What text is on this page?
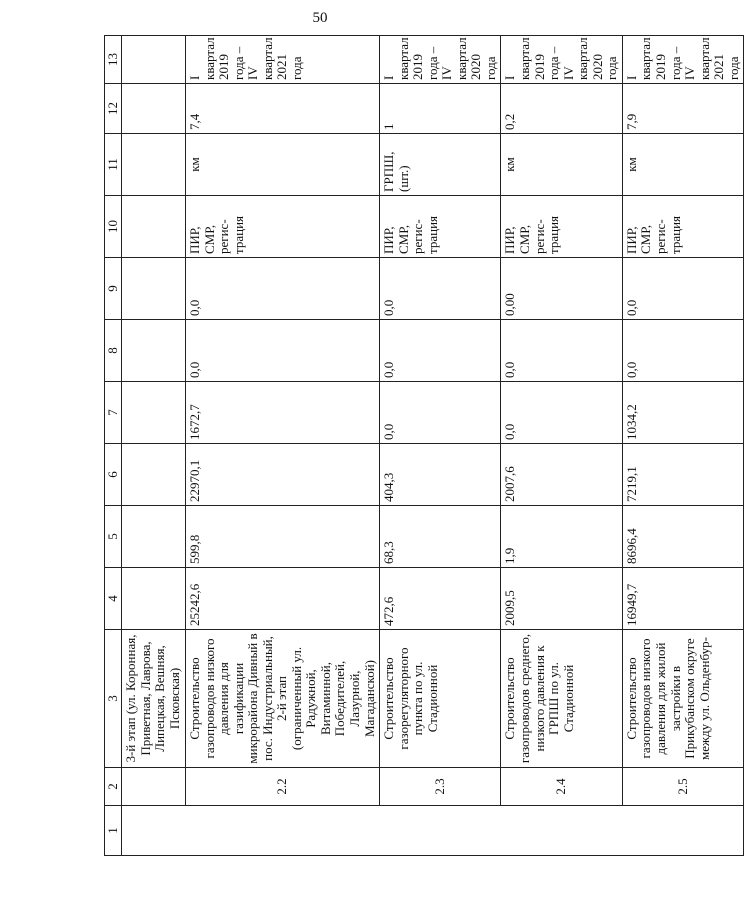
50
1	2	3	4	5	6	7	8	9	10	11	12	13
		3-й этап (ул. Коронная, Приветная, Лаврова, Липецкая, Вешняя, Псковская)										
	2.2	Строительство газопроводов низкого давления для газификации микрорайона Дивный в пос. Индустриальный, 2-й этап (ограниченный ул. Радужной, Витаминной, Победителей, Лазурной, Магаданской)	25242,6	599,8	22970,1	1672,7	0,0	0,0	ПИР, СМР, регис-трация	км	7,4	I квартал 2019 года – IV квартал 2021 года
	2.3	Строительство газорегуляторного пункта по ул. Стадионной	472,6	68,3	404,3	0,0	0,0	0,0	ПИР, СМР, регис-трация	ГРПШ, (шт.)	1	I квартал 2019 года – IV квартал 2020 года
	2.4	Строительство газопроводов среднего, низкого давления к ГРПШ по ул. Стадионной	2009,5	1,9	2007,6	0,0	0,0	0,00	ПИР, СМР, регис-трация	км	0,2	I квартал 2019 года – IV квартал 2020 года
	2.5	Строительство газопроводов низкого давления для жилой застройки в Прикубанском округе между ул. Ольденбур-	16949,7	8696,4	7219,1	1034,2	0,0	0,0	ПИР, СМР, регис-трация	км	7,9	I квартал 2019 года – IV квартал 2021 года
